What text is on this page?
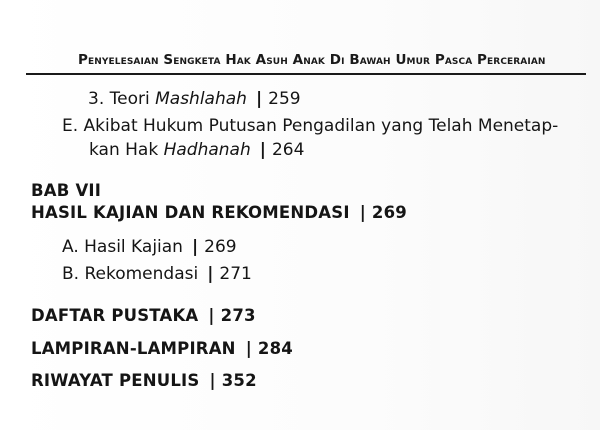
Penyelesaian Sengketa Hak Asuh Anak Di Bawah Umur Pasca Perceraian
3. Teori Mashlahah | 259
E. Akibat Hukum Putusan Pengadilan yang Telah Menetap-
kan Hak Hadhanah | 264
BAB VII
HASIL KAJIAN DAN REKOMENDASI | 269
A. Hasil Kajian | 269
B. Rekomendasi | 271
DAFTAR PUSTAKA | 273
LAMPIRAN-LAMPIRAN | 284
RIWAYAT PENULIS | 352
